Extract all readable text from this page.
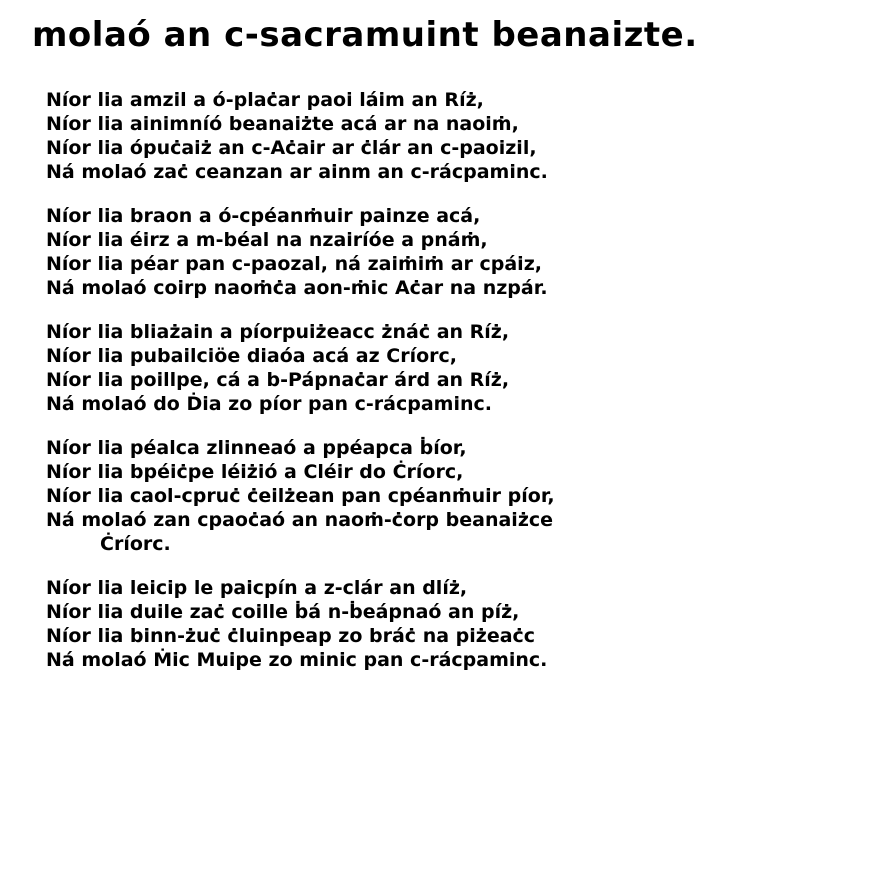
molaó an c-sacramuint beanaizte.
Níor lia amzil a ó-plaċar paoi láim an Ríż,
Níor lia ainimníó beanaiżte acá ar na naoiṁ,
Níor lia ópuċaiż an c-Aċair ar ċlár an c-paoizil,
Ná molaó zaċ ceanzan ar ainm an c-rácpaminc.
Níor lia braon a ó-cpéanṁuir painze acá,
Níor lia éirz a m-béal na nzairíóe a pnáṁ,
Níor lia péar pan c-paozal, ná zaiṁiṁ ar cpáiz,
Ná molaó coirp naoṁċa aon-ṁic Aċar na nzpár.
Níor lia bliażain a píorpuiżeacc żnáċ an Ríż,
Níor lia pubailciöe diaóa acá az Críorc,
Níor lia poillpe, cá a b-Pápnaċar árd an Ríż,
Ná molaó do Ḋia zo píor pan c-rácpaminc.
Níor lia péalca zlinneaó a ppéapca ḃíor,
Níor lia bpéiċpe léiżió a Cléir do Ċríorc,
Níor lia caol-cpruċ ċeilżean pan cpéanṁuir píor,
Ná molaó zan cpaoċaó an naoṁ-ċorp beanaiżce
Ċríorc.
Níor lia leicip le paicpín a z-clár an dlíż,
Níor lia duile zaċ coille ḃá n-ḃeápnaó an píż,
Níor lia binn-żuċ ċluinpeap zo bráċ na piżeaċc
Ná molaó Ṁic Muipe zo minic pan c-rácpaminc.
